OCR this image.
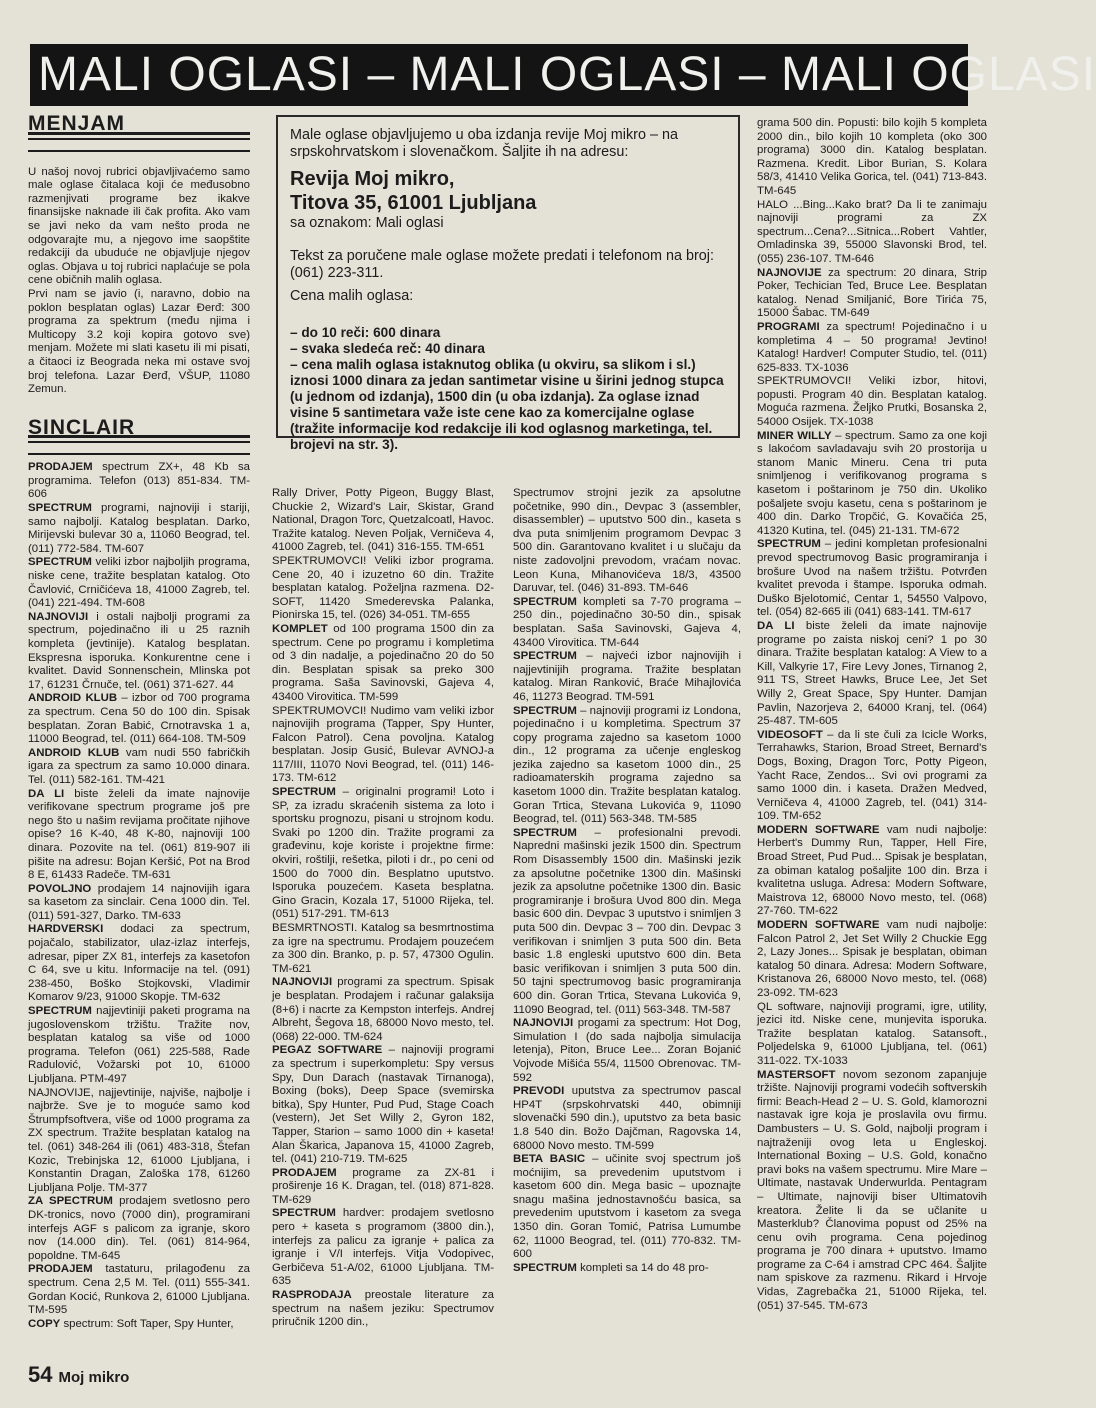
MALI OGLASI – MALI OGLASI – MALI OGLASI
MENJAM

U našoj novoj rubrici objavljivaćemo samo male oglase čitalaca koji će međusobno razmenjivati programe bez ikakve finansijske naknade ili čak profita. Ako vam se javi neko da vam nešto proda ne odgovarajte mu, a njegovo ime saopštite redakciji da ubuduće ne objavljuje njegov oglas. Objava u toj rubrici naplaćuje se pola cene običnih malih oglasa.

Prvi nam se javio (i, naravno, dobio na poklon besplatan oglas) Lazar Đerđ: 300 programa za spektrum (među njima i Multicopy 3.2 koji kopira gotovo sve) menjam. Možete mi slati kasetu ili mi pisati, a čitaoci iz Beograda neka mi ostave svoj broj telefona. Lazar Đerđ, VŠUP, 11080 Zemun.

SINCLAIR

PRODAJEM spectrum ZX+, 48 Kb sa programima. Telefon (013) 851-834. TM-606

SPECTRUM programi, najnoviji i stariji, samo najbolji. Katalog besplatan. Darko, Mirijevski bulevar 30 a, 11060 Beograd, tel. (011) 772-584. TM-607

SPECTRUM veliki izbor najboljih programa, niske cene, tražite besplatan katalog. Oto Čavlović, Crničićeva 18, 41000 Zagreb, tel. (041) 221-494. TM-608

NAJNOVIJI i ostali najbolji programi za spectrum, pojedinačno ili u 25 raznih kompleta (jevtinije). Katalog besplatan. Ekspresna isporuka. Konkurentne cene i kvalitet. David Sonnenschein, Mlinska pot 17, 61231 Črnuče, tel. (061) 371-627. 44

ANDROID KLUB – izbor od 700 programa za spectrum. Cena 50 do 100 din. Spisak besplatan. Zoran Babić, Crnotravska 1 a, 11000 Beograd, tel. (011) 664-108. TM-509

ANDROID KLUB vam nudi 550 fabričkih igara za spectrum za samo 10.000 dinara. Tel. (011) 582-161. TM-421

DA LI biste želeli da imate najnovije verifikovane spectrum programe još pre nego što u našim revijama pročitate njihove opise? 16 K-40, 48 K-80, najnoviji 100 dinara. Pozovite na tel. (061) 819-907 ili pišite na adresu: Bojan Keršić, Pot na Brod 8 E, 61433 Radeče. TM-631

POVOLJNO prodajem 14 najnovijih igara sa kasetom za sinclair. Cena 1000 din. Tel. (011) 591-327, Darko. TM-633

HARDVERSKI dodaci za spectrum, pojačalo, stabilizator, ulaz-izlaz interfejs, adresar, piper ZX 81, interfejs za kasetofon C 64, sve u kitu. Informacije na tel. (091) 238-450, Boško Stojkovski, Vladimir Komarov 9/23, 91000 Skopje. TM-632

SPECTRUM najjevtiniji paketi programa na jugoslovenskom tržištu. Tražite nov, besplatan katalog sa više od 1000 programa. Telefon (061) 225-588, Rade Radulović, Vožarski pot 10, 61000 Ljubljana. PTM-497

NAJNOVIJE, najjevtinije, najviše, najbolje i najbrže. Sve je to moguće samo kod Štrumpfsoftvera, više od 1000 programa za ZX spectrum. Tražite besplatan katalog na tel. (061) 348-264 ili (061) 483-318, Štefan Kozic, Trebinjska 12, 61000 Ljubljana, i Konstantin Dragan, Zaloška 178, 61260 Ljubljana Polje. TM-377

ZA SPECTRUM prodajem svetlosno pero DK-tronics, novo (7000 din), programirani interfejs AGF s palicom za igranje, skoro nov (14.000 din). Tel. (061) 814-964, popoldne. TM-645

PRODAJEM tastaturu, prilagođenu za spectrum. Cena 2,5 M. Tel. (011) 555-341. Gordan Kocić, Runkova 2, 61000 Ljubljana. TM-595

COPY spectrum: Soft Taper, Spy Hunter,

Male oglase objavljujemo u oba izdanja revije Moj mikro – na srpskohrvatskom i slovenačkom. Šaljite ih na adresu:

Revija Moj mikro,

Titova 35, 61001 Ljubljana

sa oznakom: Mali oglasi

Tekst za poručene male oglase možete predati i telefonom na broj: (061) 223-311.

Cena malih oglasa:

– do 10 reči: 600 dinara

– svaka sledeća reč: 40 dinara

– cena malih oglasa istaknutog oblika (u okviru, sa slikom i sl.) iznosi 1000 dinara za jedan santimetar visine u širini jednog stupca (u jednom od izdanja), 1500 din (u oba izdanja). Za oglase iznad visine 5 santimetara važe iste cene kao za komercijalne oglase (tražite informacije kod redakcije ili kod oglasnog marketinga, tel. brojevi na str. 3).

Rally Driver, Potty Pigeon, Buggy Blast, Chuckie 2, Wizard's Lair, Skistar, Grand National, Dragon Torc, Quetzalcoatl, Havoc. Tražite katalog. Neven Poljak, Verničeva 4, 41000 Zagreb, tel. (041) 316-155. TM-651

SPEKTRUMOVCI! Veliki izbor programa. Cene 20, 40 i izuzetno 60 din. Tražite besplatan katalog. Poželjna razmena. D2-SOFT, 11420 Smederevska Palanka, Pionirska 15, tel. (026) 34-051. TM-655

KOMPLET od 100 programa 1500 din za spectrum. Cene po programu i kompletima od 3 din nadalje, a pojedinačno 20 do 50 din. Besplatan spisak sa preko 300 programa. Saša Savinovski, Gajeva 4, 43400 Virovitica. TM-599

SPEKTRUMOVCI! Nudimo vam veliki izbor najnovijih programa (Tapper, Spy Hunter, Falcon Patrol). Cena povoljna. Katalog besplatan. Josip Gusić, Bulevar AVNOJ-a 117/III, 11070 Novi Beograd, tel. (011) 146-173. TM-612

SPECTRUM – originalni programi! Loto i SP, za izradu skraćenih sistema za loto i sportsku prognozu, pisani u strojnom kodu. Svaki po 1200 din. Tražite programi za građevinu, koje koriste i projektne firme: okviri, roštilji, rešetka, piloti i dr., po ceni od 1500 do 7000 din. Besplatno uputstvo. Isporuka pouzećem. Kaseta besplatna. Gino Gracin, Kozala 17, 51000 Rijeka, tel. (051) 517-291. TM-613

BESMRTNOSTI. Katalog sa besmrtnostima za igre na spectrumu. Prodajem pouzećem za 300 din. Branko, p. p. 57, 47300 Ogulin. TM-621

NAJNOVIJI programi za spectrum. Spisak je besplatan. Prodajem i računar galaksija (8+6) i nacrte za Kempston interfejs. Andrej Albreht, Šegova 18, 68000 Novo mesto, tel. (068) 22-000. TM-624

PEGAZ SOFTWARE – najnoviji programi za spectrum i superkompletu: Spy versus Spy, Dun Darach (nastavak Tirnanoga), Boxing (boks), Deep Space (svemirska bitka), Spy Hunter, Pud Pud, Stage Coach (vestern), Jet Set Willy 2, Gyron 182, Tapper, Starion – samo 1000 din + kaseta! Alan Škarica, Japanova 15, 41000 Zagreb, tel. (041) 210-719. TM-625

PRODAJEM programe za ZX-81 i proširenje 16 K. Dragan, tel. (018) 871-828. TM-629

SPECTRUM hardver: prodajem svetlosno pero + kaseta s programom (3800 din.), interfejs za palicu za igranje + palica za igranje i V/I interfejs. Vitja Vodopivec, Gerbičeva 51-A/02, 61000 Ljubljana. TM-635

RASPRODAJA preostale literature za spectrum na našem jeziku: Spectrumov priručnik 1200 din.,

Spectrumov strojni jezik za apsolutne početnike, 990 din., Devpac 3 (assembler, disassembler) – uputstvo 500 din., kaseta s dva puta snimljenim programom Devpac 3 500 din. Garantovano kvalitet i u slučaju da niste zadovoljni prevodom, vraćam novac. Leon Kuna, Mihanovićeva 18/3, 43500 Daruvar, tel. (046) 31-893. TM-646

SPECTRUM kompleti sa 7-70 programa – 250 din., pojedinačno 30-50 din., spisak besplatan. Saša Savinovski, Gajeva 4, 43400 Virovitica. TM-644

SPECTRUM – najveći izbor najnovijih i najjevtinijih programa. Tražite besplatan katalog. Miran Ranković, Braće Mihajlovića 46, 11273 Beograd. TM-591

SPECTRUM – najnoviji programi iz Londona, pojedinačno i u kompletima. Spectrum 37 copy programa zajedno sa kasetom 1000 din., 12 programa za učenje engleskog jezika zajedno sa kasetom 1000 din., 25 radioamaterskih programa zajedno sa kasetom 1000 din. Tražite besplatan katalog. Goran Trtica, Stevana Lukovića 9, 11090 Beograd, tel. (011) 563-348. TM-585

SPECTRUM – profesionalni prevodi. Napredni mašinski jezik 1500 din. Spectrum Rom Disassembly 1500 din. Mašinski jezik za apsolutne početnike 1300 din. Mašinski jezik za apsolutne početnike 1300 din. Basic programiranje i brošura Uvod 800 din. Mega basic 600 din. Devpac 3 uputstvo i snimljen 3 puta 500 din. Devpac 3 – 700 din. Devpac 3 verifikovan i snimljen 3 puta 500 din. Beta basic 1.8 engleski uputstvo 600 din. Beta basic verifikovan i snimljen 3 puta 500 din. 50 tajni spectrumovog basic programiranja 600 din. Goran Trtica, Stevana Lukovića 9, 11090 Beograd, tel. (011) 563-348. TM-587

NAJNOVIJI progami za spectrum: Hot Dog, Simulation I (do sada najbolja simulacija letenja), Piton, Bruce Lee... Zoran Bojanić Vojvode Mišića 55/4, 11500 Obrenovac. TM-592

PREVODI uputstva za spectrumov pascal HP4T (srpskohrvatski 440, obimniji slovenački 590 din.), uputstvo za beta basic 1.8 540 din. Božo Dajčman, Ragovska 14, 68000 Novo mesto. TM-599

BETA BASIC – učinite svoj spectrum još moćnijim, sa prevedenim uputstvom i kasetom 600 din. Mega basic – upoznajte snagu mašina jednostavnošću basica, sa prevedenim uputstvom i kasetom za svega 1350 din. Goran Tomić, Patrisa Lumumbe 62, 11000 Beograd, tel. (011) 770-832. TM-600

SPECTRUM kompleti sa 14 do 48 pro-

grama 500 din. Popusti: bilo kojih 5 kompleta 2000 din., bilo kojih 10 kompleta (oko 300 programa) 3000 din. Katalog besplatan. Razmena. Kredit. Libor Burian, S. Kolara 58/3, 41410 Velika Gorica, tel. (041) 713-843. TM-645

HALO ...Bing...Kako brat? Da li te zanimaju najnoviji programi za ZX spectrum...Cena?...Sitnica...Robert Vahtler, Omladinska 39, 55000 Slavonski Brod, tel. (055) 236-107. TM-646

NAJNOVIJE za spectrum: 20 dinara, Strip Poker, Techician Ted, Bruce Lee. Besplatan katalog. Nenad Smiljanić, Bore Tirića 75, 15000 Šabac. TM-649

PROGRAMI za spectrum! Pojedinačno i u kompletima 4 – 50 programa! Jevtino! Katalog! Hardver! Computer Studio, tel. (011) 625-833. TX-1036

SPEKTRUMOVCI! Veliki izbor, hitovi, popusti. Program 40 din. Besplatan katalog. Moguća razmena. Željko Prutki, Bosanska 2, 54000 Osijek. TX-1038

MINER WILLY – spectrum. Samo za one koji s lakoćom savladavaju svih 20 prostorija u stanom Manic Mineru. Cena tri puta snimljenog i verifikovanog programa s kasetom i poštarinom je 750 din. Ukoliko pošaljete svoju kasetu, cena s poštarinom je 400 din. Darko Tropčić, G. Kovačića 25, 41320 Kutina, tel. (045) 21-131. TM-672

SPECTRUM – jedini kompletan profesionalni prevod spectrumovog Basic programiranja i brošure Uvod na našem tržištu. Potvrđen kvalitet prevoda i štampe. Isporuka odmah. Duško Bjelotomić, Centar 1, 54550 Valpovo, tel. (054) 82-665 ili (041) 683-141. TM-617

DA LI biste želeli da imate najnovije programe po zaista niskoj ceni? 1 po 30 dinara. Tražite besplatan katalog: A View to a Kill, Valkyrie 17, Fire Levy Jones, Tirnanog 2, 911 TS, Street Hawks, Bruce Lee, Jet Set Willy 2, Great Space, Spy Hunter. Damjan Pavlin, Nazorjeva 2, 64000 Kranj, tel. (064) 25-487. TM-605

VIDEOSOFT – da li ste čuli za Icicle Works, Terrahawks, Starion, Broad Street, Bernard's Dogs, Boxing, Dragon Torc, Potty Pigeon, Yacht Race, Zendos... Svi ovi programi za samo 1000 din. i kaseta. Dražen Medved, Verničeva 4, 41000 Zagreb, tel. (041) 314-109. TM-652

MODERN SOFTWARE vam nudi najbolje: Herbert's Dummy Run, Tapper, Hell Fire, Broad Street, Pud Pud... Spisak je besplatan, za obiman katalog pošaljite 100 din. Brza i kvalitetna usluga. Adresa: Modern Software, Maistrova 12, 68000 Novo mesto, tel. (068) 27-760. TM-622

MODERN SOFTWARE vam nudi najbolje: Falcon Patrol 2, Jet Set Willy 2 Chuckie Egg 2, Lazy Jones... Spisak je besplatan, obiman katalog 50 dinara. Adresa: Modern Software, Kristanova 26, 68000 Novo mesto, tel. (068) 23-092. TM-623

QL software, najnoviji programi, igre, utility, jezici itd. Niske cene, munjevita isporuka. Tražite besplatan katalog. Satansoft., Poljedelska 9, 61000 Ljubljana, tel. (061) 311-022. TX-1033

MASTERSOFT novom sezonom zapanjuje tržište. Najnoviji programi vodećih softverskih firmi: Beach-Head 2 – U. S. Gold, klamorozni nastavak igre koja je proslavila ovu firmu. Dambusters – U. S. Gold, najbolji program i najtraženiji ovog leta u Engleskoj. International Boxing – U.S. Gold, konačno pravi boks na vašem spectrumu. Mire Mare – Ultimate, nastavak Underwurlda. Pentagram – Ultimate, najnoviji biser Ultimatovih kreatora. Želite li da se učlanite u Masterklub? Članovima popust od 25% na cenu ovih programa. Cena pojedinog programa je 700 dinara + uputstvo. Imamo programe za C-64 i amstrad CPC 464. Šaljite nam spiskove za razmenu. Rikard i Hrvoje Vidas, Zagrebačka 21, 51000 Rijeka, tel. (051) 37-545. TM-673

54 Moj mikro
